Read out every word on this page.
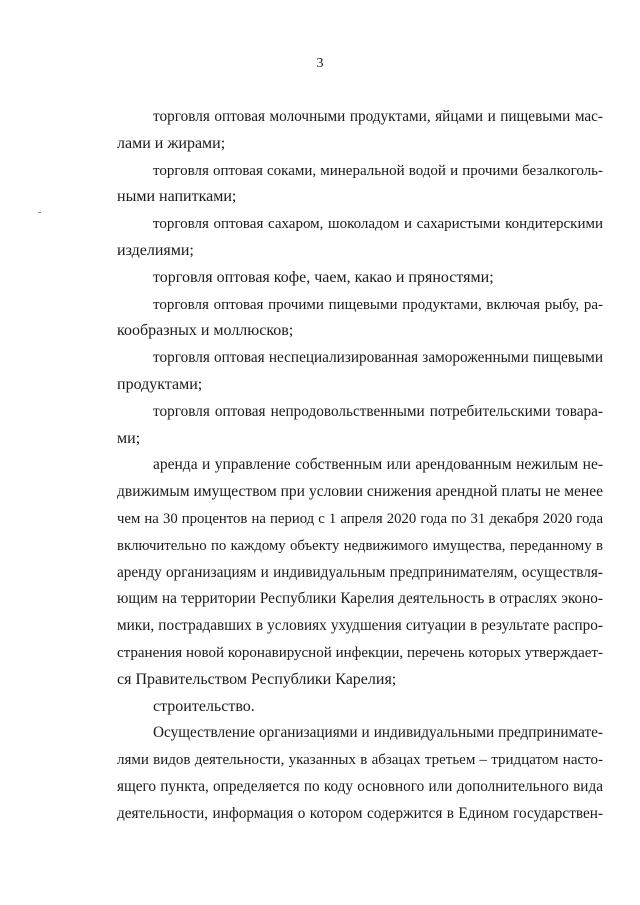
3
торговля оптовая молочными продуктами, яйцами и пищевыми мас-
лами и жирами;
торговля оптовая соками, минеральной водой и прочими безалкоголь-
ными напитками;
торговля оптовая сахаром, шоколадом и сахаристыми кондитерскими
изделиями;
торговля оптовая кофе, чаем, какао и пряностями;
торговля оптовая прочими пищевыми продуктами, включая рыбу, ра-
кообразных и моллюсков;
торговля оптовая неспециализированная замороженными пищевыми
продуктами;
торговля оптовая непродовольственными потребительскими товара-
ми;
аренда и управление собственным или арендованным нежилым не-
движимым имуществом при условии снижения арендной платы не менее
чем на 30 процентов на период с 1 апреля 2020 года по 31 декабря 2020 года
включительно по каждому объекту недвижимого имущества, переданному в
аренду организациям и индивидуальным предпринимателям, осуществля-
ющим на территории Республики Карелия деятельность в отраслях эконо-
мики, пострадавших в условиях ухудшения ситуации в результате распро-
странения новой коронавирусной инфекции, перечень которых утверждает-
ся Правительством Республики Карелия;
строительство.
Осуществление организациями и индивидуальными предпринимате-
лями видов деятельности, указанных в абзацах третьем – тридцатом насто-
ящего пункта, определяется по коду основного или дополнительного вида
деятельности, информация о котором содержится в Едином государствен-
